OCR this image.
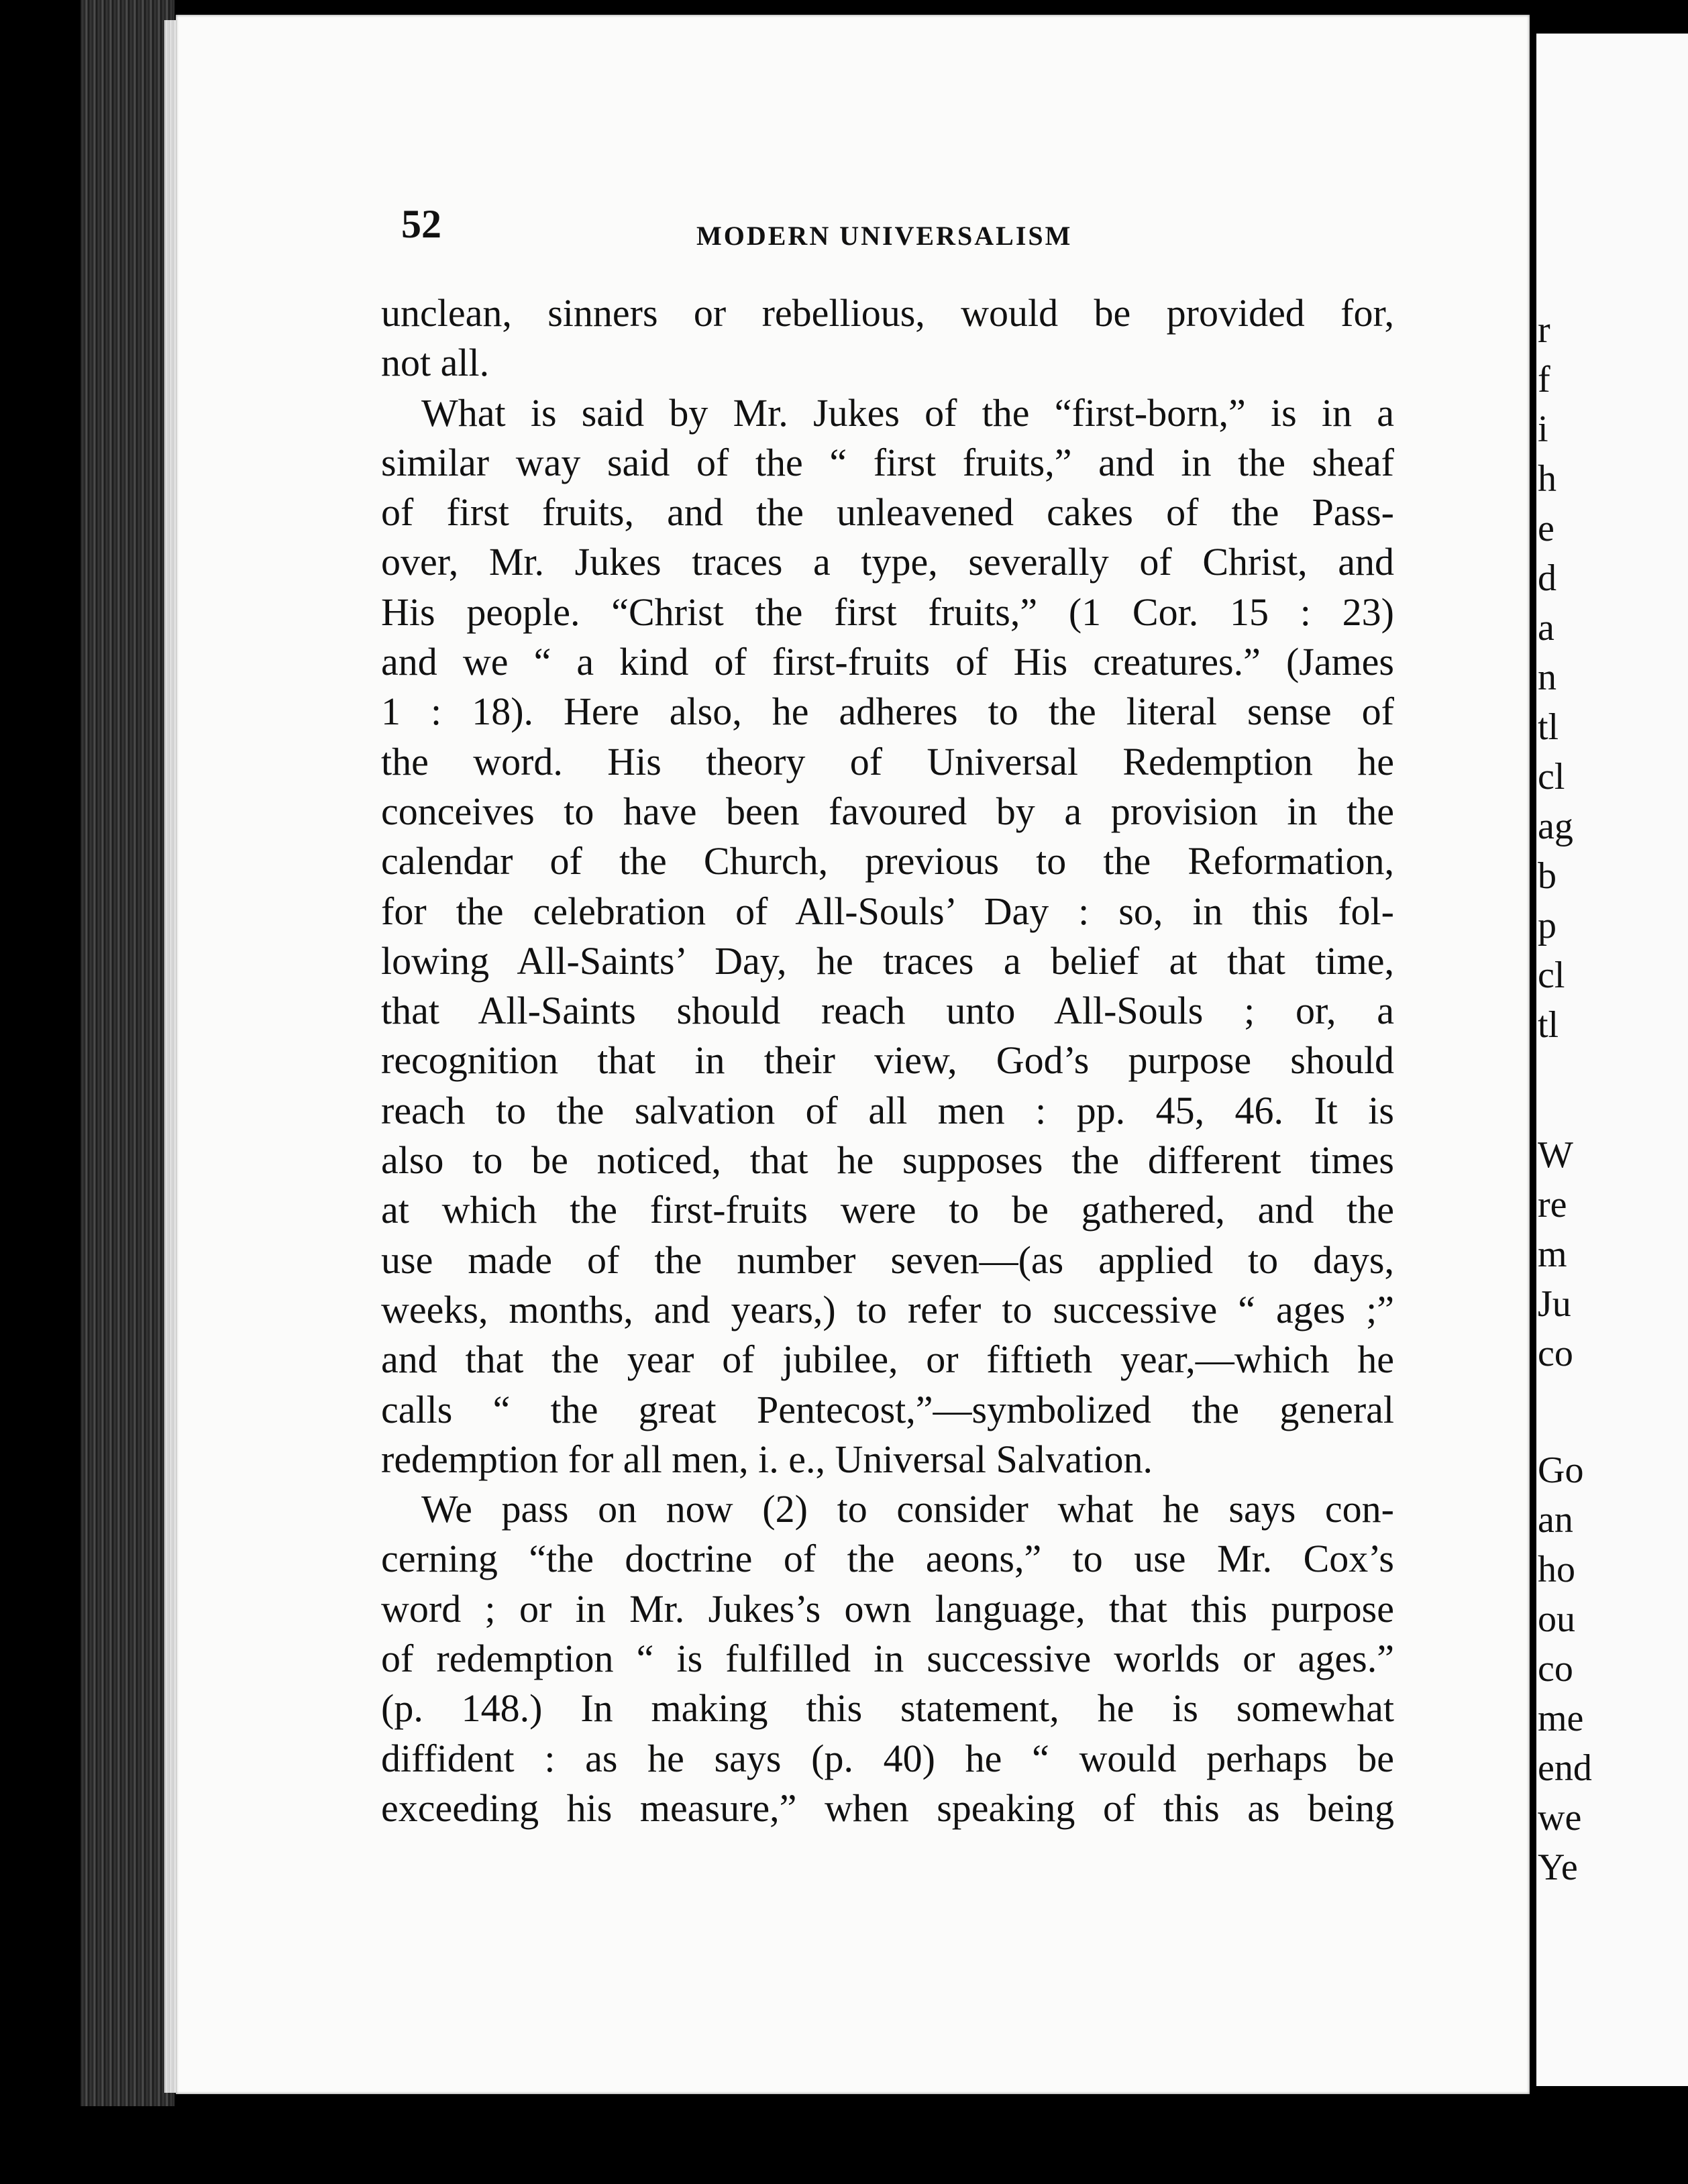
52	MODERN UNIVERSALISM
unclean, sinners or rebellious, would be provided for,
not all.
What is said by Mr. Jukes of the “first-born,” is in a
similar way said of the “ first fruits,” and in the sheaf
of first fruits, and the unleavened cakes of the Pass-
over, Mr. Jukes traces a type, severally of Christ, and
His people. “Christ the first fruits,” (1 Cor. 15 : 23)
and we “ a kind of first-fruits of His creatures.” (James
1 : 18). Here also, he adheres to the literal sense of
the word. His theory of Universal Redemption he
conceives to have been favoured by a provision in the
calendar of the Church, previous to the Reformation,
for the celebration of All-Souls’ Day : so, in this fol-
lowing All-Saints’ Day, he traces a belief at that time,
that All-Saints should reach unto All-Souls ; or, a
recognition that in their view, God’s purpose should
reach to the salvation of all men : pp. 45, 46. It is
also to be noticed, that he supposes the different times
at which the first-fruits were to be gathered, and the
use made of the number seven—(as applied to days,
weeks, months, and years,) to refer to successive “ ages ;”
and that the year of jubilee, or fiftieth year,—which he
calls “ the great Pentecost,”—symbolized the general
redemption for all men, i. e., Universal Salvation.
We pass on now (2) to consider what he says con-
cerning “the doctrine of the aeons,” to use Mr. Cox’s
word ; or in Mr. Jukes’s own language, that this purpose
of redemption “ is fulfilled in successive worlds or ages.”
(p. 148.) In making this statement, he is somewhat
diffident : as he says (p. 40) he “ would perhaps be
exceeding his measure,” when speaking of this as being
r
f
i
h
e
d
a
n
tl
cl
ag
b
p
cl
tl
W
re
m
Ju
co
Go
an
ho
ou
co
me
end
we
Ye
